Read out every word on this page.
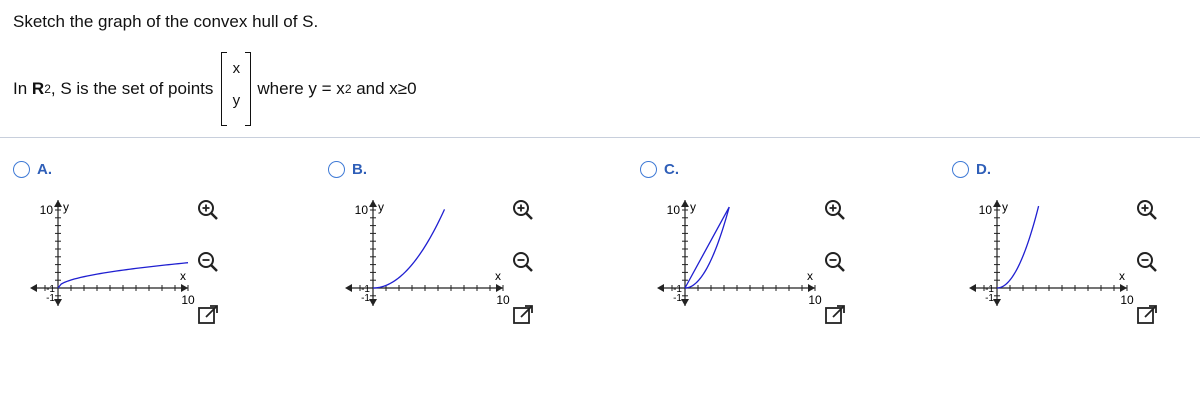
Sketch the graph of the convex hull of S.
In R 2 , S is the set of points
x
y
where y = x 2 and x≥0
A.
y
x
10
10
-1
-1
B.
y
x
10
10
-1
-1
C.
y
x
10
10
-1
-1
D.
y
x
10
10
-1
-1
